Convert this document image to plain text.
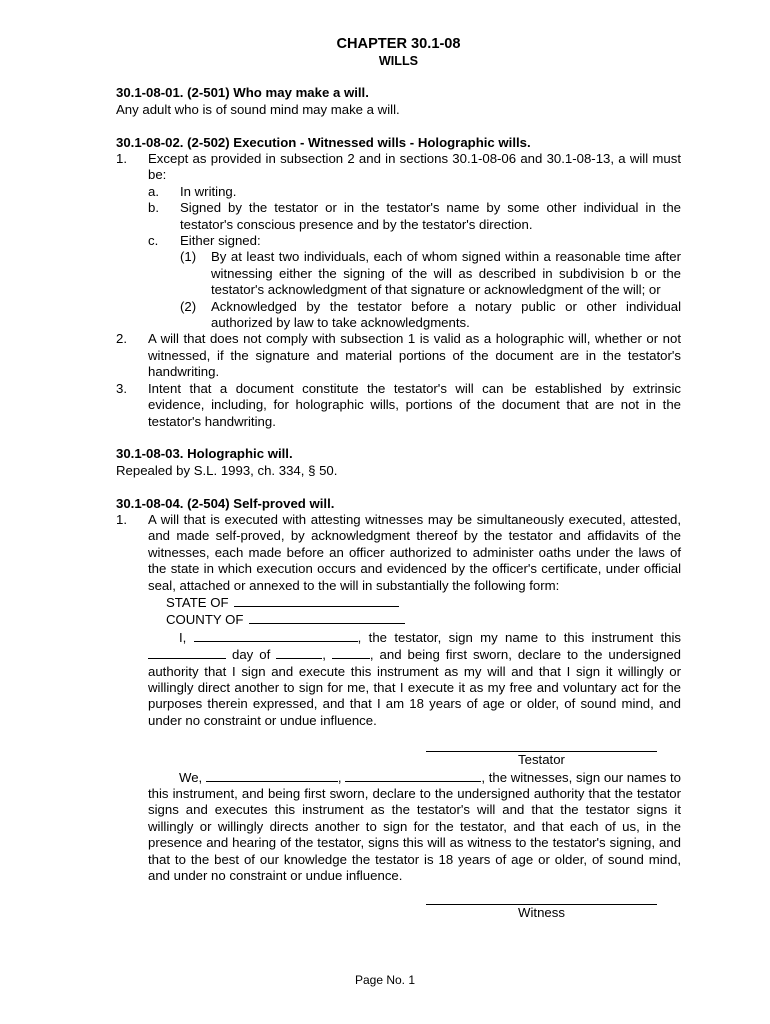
CHAPTER 30.1-08
WILLS
30.1-08-01. (2-501) Who may make a will.
Any adult who is of sound mind may make a will.
30.1-08-02. (2-502) Execution - Witnessed wills - Holographic wills.
1.	Except as provided in subsection 2 and in sections 30.1-08-06 and 30.1-08-13, a will must be:
a.	In writing.
b.	Signed by the testator or in the testator's name by some other individual in the testator's conscious presence and by the testator's direction.
c.	Either signed:
(1)	By at least two individuals, each of whom signed within a reasonable time after witnessing either the signing of the will as described in subdivision b or the testator's acknowledgment of that signature or acknowledgment of the will; or
(2)	Acknowledged by the testator before a notary public or other individual authorized by law to take acknowledgments.
2.	A will that does not comply with subsection 1 is valid as a holographic will, whether or not witnessed, if the signature and material portions of the document are in the testator's handwriting.
3.	Intent that a document constitute the testator's will can be established by extrinsic evidence, including, for holographic wills, portions of the document that are not in the testator's handwriting.
30.1-08-03. Holographic will.
Repealed by S.L. 1993, ch. 334, § 50.
30.1-08-04. (2-504) Self-proved will.
1.	A will that is executed with attesting witnesses may be simultaneously executed, attested, and made self-proved, by acknowledgment thereof by the testator and affidavits of the witnesses, each made before an officer authorized to administer oaths under the laws of the state in which execution occurs and evidenced by the officer's certificate, under official seal, attached or annexed to the will in substantially the following form:
STATE OF
COUNTY OF
I,	, the testator, sign my name to this instrument this  day of	,	, and being first sworn, declare to the undersigned authority that I sign and execute this instrument as my will and that I sign it willingly or willingly direct another to sign for me, that I execute it as my free and voluntary act for the purposes therein expressed, and that I am 18 years of age or older, of sound mind, and under no constraint or undue influence.
Testator
We,	,	, the witnesses, sign our names to this instrument, and being first sworn, declare to the undersigned authority that the testator signs and executes this instrument as the testator's will and that the testator signs it willingly or willingly directs another to sign for the testator, and that each of us, in the presence and hearing of the testator, signs this will as witness to the testator's signing, and that to the best of our knowledge the testator is 18 years of age or older, of sound mind, and under no constraint or undue influence.
Witness
Page No. 1
